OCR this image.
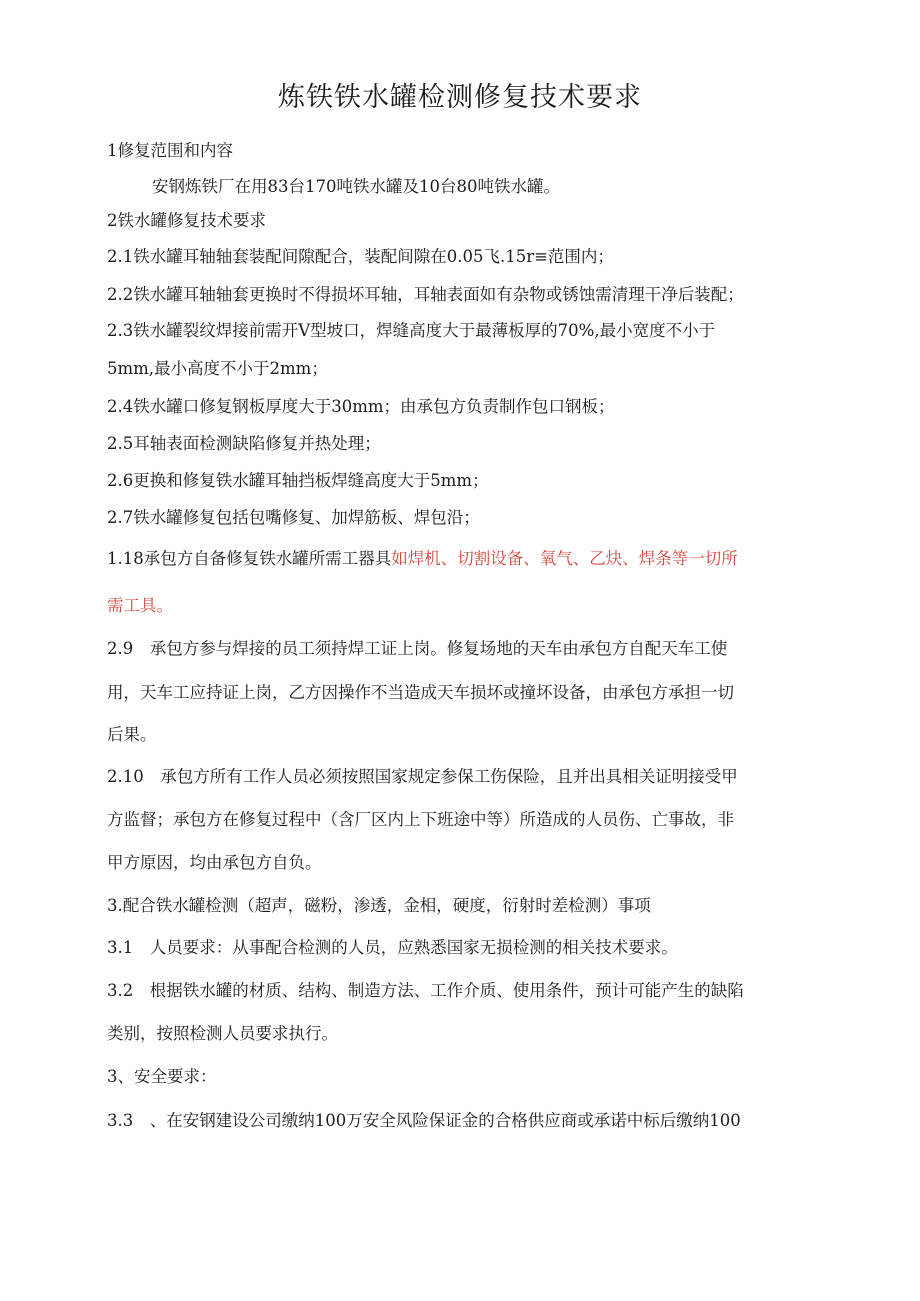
炼铁铁水罐检测修复技术要求
1修复范围和内容
安钢炼铁厂在用83台170吨铁水罐及10台80吨铁水罐。
2铁水罐修复技术要求
2.1铁水罐耳轴轴套装配间隙配合，装配间隙在0.05飞.15r≡范围内；
2.2铁水罐耳轴轴套更换时不得损坏耳轴，耳轴表面如有杂物或锈蚀需清理干净后装配；
2.3铁水罐裂纹焊接前需开V型坡口，焊缝高度大于最薄板厚的70%,最小宽度不小于
5mm,最小高度不小于2mm；
2.4铁水罐口修复钢板厚度大于30mm；由承包方负责制作包口钢板；
2.5耳轴表面检测缺陷修复并热处理；
2.6更换和修复铁水罐耳轴挡板焊缝高度大于5mm；
2.7铁水罐修复包括包嘴修复、加焊筋板、焊包沿；
1.18承包方自备修复铁水罐所需工器具如焊机、切割设备、氧气、乙炔、焊条等一切所
需工具。
2.9　承包方参与焊接的员工须持焊工证上岗。修复场地的天车由承包方自配天车工使
用，天车工应持证上岗，乙方因操作不当造成天车损坏或撞坏设备，由承包方承担一切
后果。
2.10　承包方所有工作人员必须按照国家规定参保工伤保险，且并出具相关证明接受甲
方监督；承包方在修复过程中（含厂区内上下班途中等）所造成的人员伤、亡事故，非
甲方原因，均由承包方自负。
3.配合铁水罐检测（超声，磁粉，渗透，金相，硬度，衍射时差检测）事项
3.1　人员要求：从事配合检测的人员，应熟悉国家无损检测的相关技术要求。
3.2　根据铁水罐的材质、结构、制造方法、工作介质、使用条件，预计可能产生的缺陷
类别，按照检测人员要求执行。
3、安全要求：
3.3　、在安钢建设公司缴纳100万安全风险保证金的合格供应商或承诺中标后缴纳100
